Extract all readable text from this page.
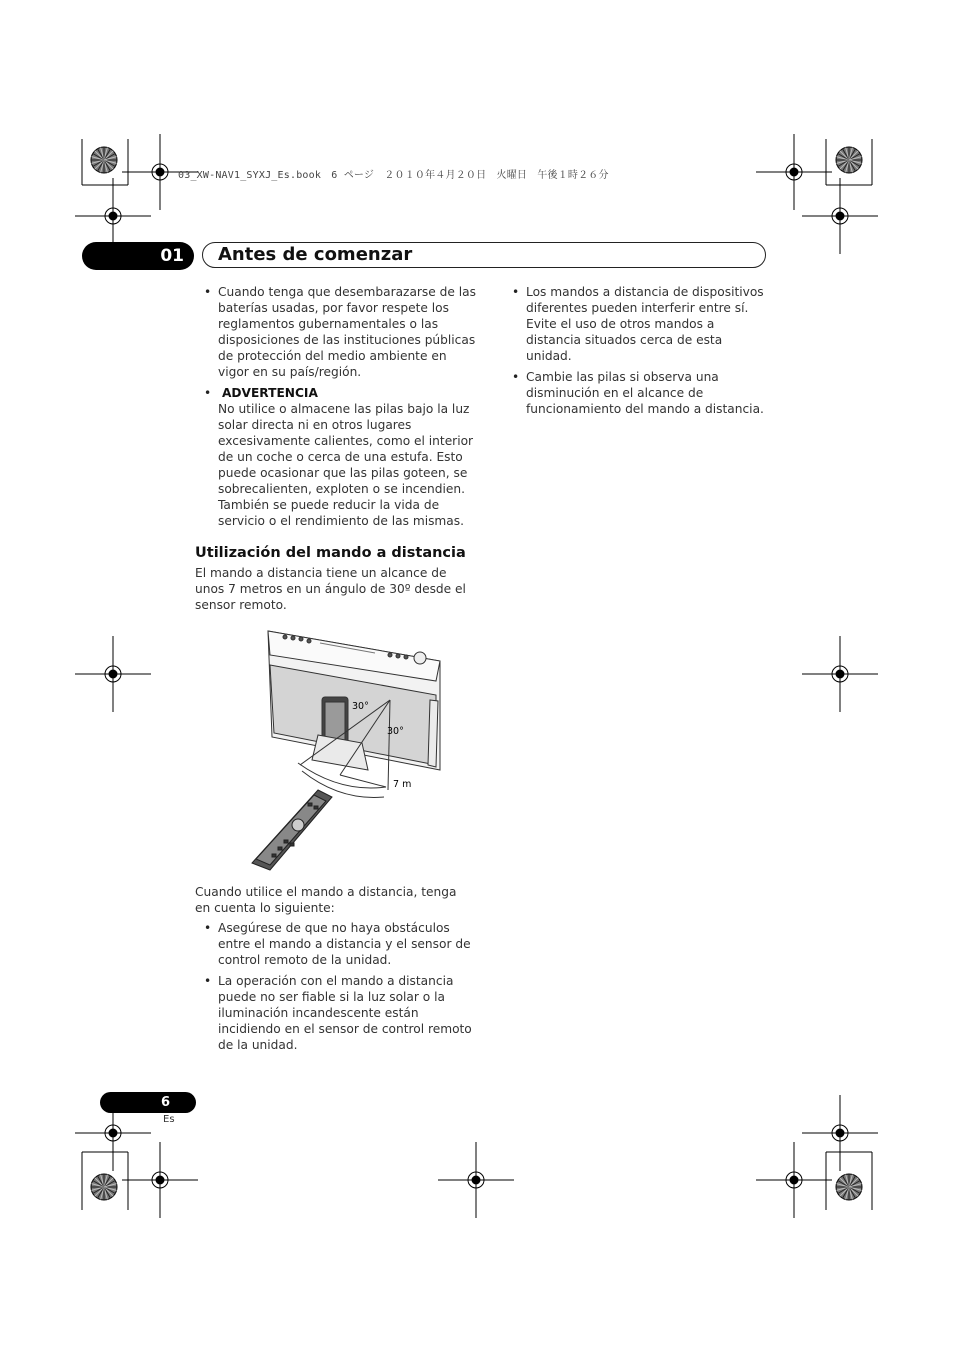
03_XW-NAV1_SYXJ_Es.book　6 ページ　２０１０年４月２０日　火曜日　午後１時２６分
01 Antes de comenzar
• Cuando tenga que desembarazarse de las baterías usadas, por favor respete los reglamentos gubernamentales o las disposiciones de las instituciones públicas de protección del medio ambiente en vigor en su país/región.
• ADVERTENCIA
No utilice o almacene las pilas bajo la luz solar directa ni en otros lugares excesivamente calientes, como el interior de un coche o cerca de una estufa. Esto puede ocasionar que las pilas goteen, se sobrecalienten, exploten o se incendien. También se puede reducir la vida de servicio o el rendimiento de las mismas.
Utilización del mando a distancia
El mando a distancia tiene un alcance de unos 7 metros en un ángulo de 30º desde el sensor remoto.
30°
30°
7 m
Cuando utilice el mando a distancia, tenga en cuenta lo siguiente:
• Asegúrese de que no haya obstáculos entre el mando a distancia y el sensor de control remoto de la unidad.
• La operación con el mando a distancia puede no ser fiable si la luz solar o la iluminación incandescente están incidiendo en el sensor de control remoto de la unidad.
• Los mandos a distancia de dispositivos diferentes pueden interferir entre sí. Evite el uso de otros mandos a distancia situados cerca de esta unidad.
• Cambie las pilas si observa una disminución en el alcance de funcionamiento del mando a distancia.
6
Es
